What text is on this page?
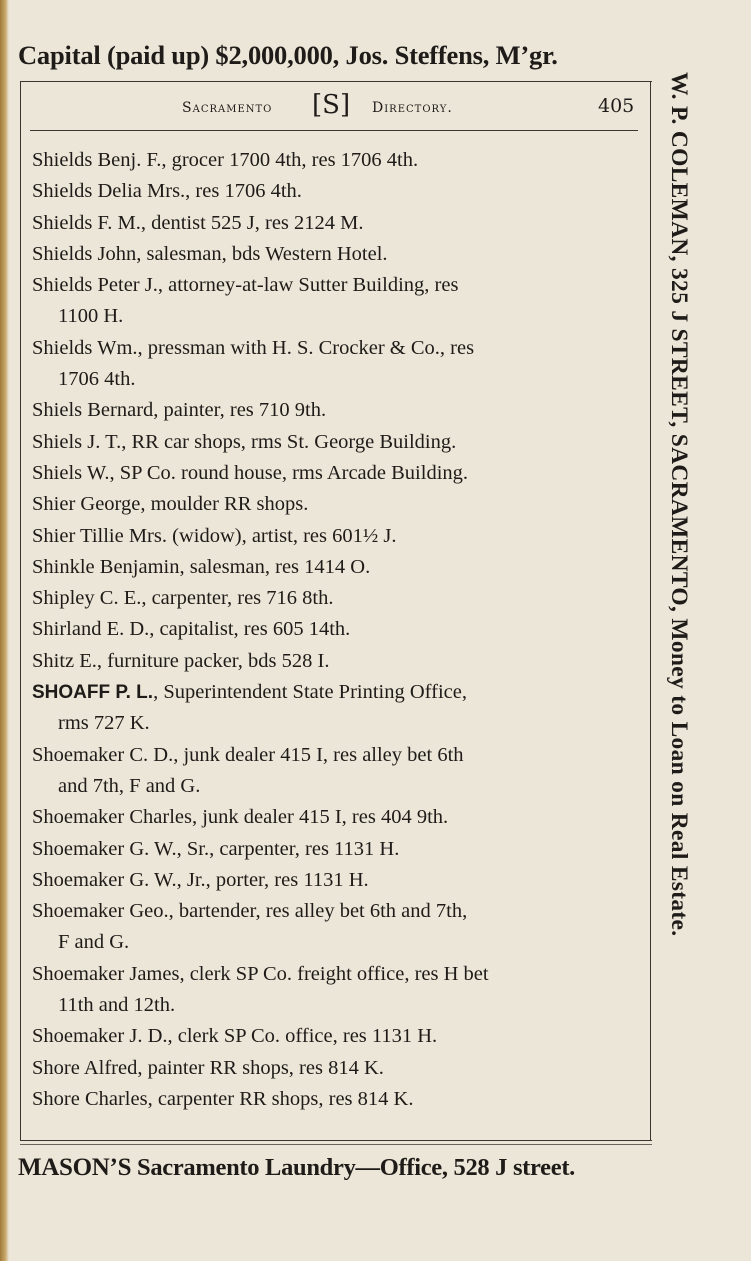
Capital (paid up) $2,000,000, Jos. Steffens, M’gr.
Sacramento [S] Directory.	405
Shields Benj. F., grocer 1700 4th, res 1706 4th.
Shields Delia Mrs., res 1706 4th.
Shields F. M., dentist 525 J, res 2124 M.
Shields John, salesman, bds Western Hotel.
Shields Peter J., attorney-at-law Sutter Building, res
1100 H.
Shields Wm., pressman with H. S. Crocker & Co., res
1706 4th.
Shiels Bernard, painter, res 710 9th.
Shiels J. T., RR car shops, rms St. George Building.
Shiels W., SP Co. round house, rms Arcade Building.
Shier George, moulder RR shops.
Shier Tillie Mrs. (widow), artist, res 601½ J.
Shinkle Benjamin, salesman, res 1414 O.
Shipley C. E., carpenter, res 716 8th.
Shirland E. D., capitalist, res 605 14th.
Shitz E., furniture packer, bds 528 I.
SHOAFF P. L., Superintendent State Printing Office,
rms 727 K.
Shoemaker C. D., junk dealer 415 I, res alley bet 6th
and 7th, F and G.
Shoemaker Charles, junk dealer 415 I, res 404 9th.
Shoemaker G. W., Sr., carpenter, res 1131 H.
Shoemaker G. W., Jr., porter, res 1131 H.
Shoemaker Geo., bartender, res alley bet 6th and 7th,
F and G.
Shoemaker James, clerk SP Co. freight office, res H bet
11th and 12th.
Shoemaker J. D., clerk SP Co. office, res 1131 H.
Shore Alfred, painter RR shops, res 814 K.
Shore Charles, carpenter RR shops, res 814 K.
W. P. COLEMAN, 325 J STREET, SACRAMENTO, Money to Loan on Real Estate.
MASON’S Sacramento Laundry—Office, 528 J street.
